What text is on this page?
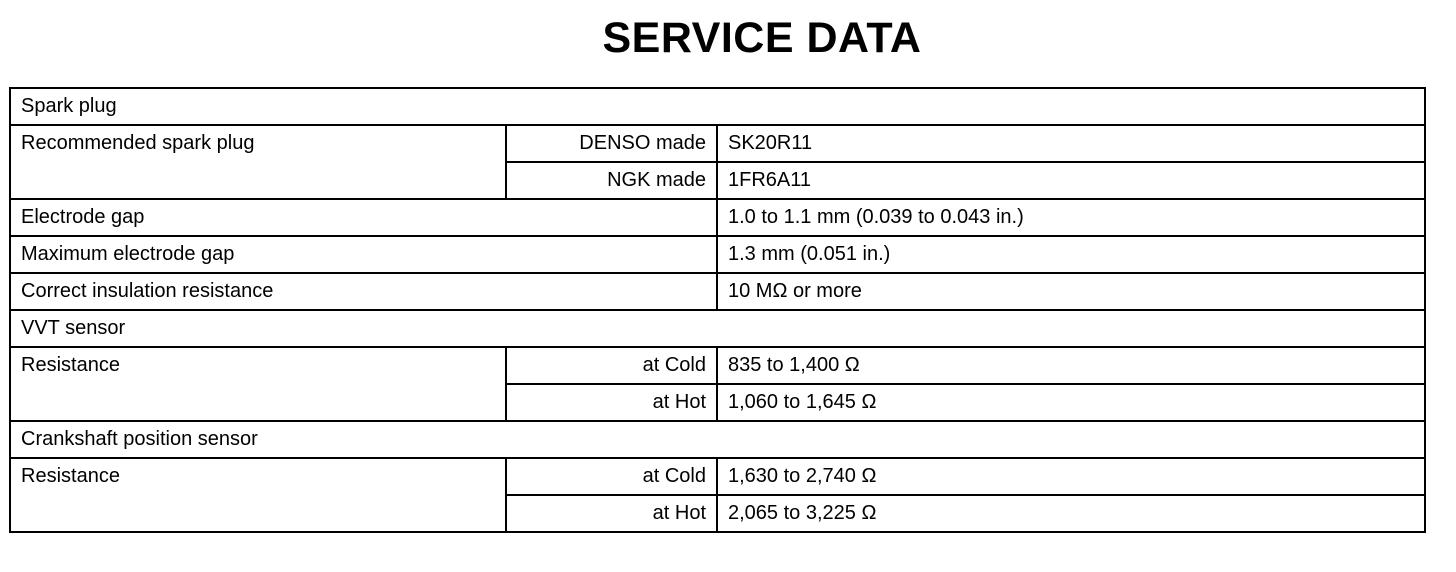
SERVICE DATA
Spark plug		
Recommended spark plug	DENSO made	SK20R11
	NGK made	1FR6A11
Electrode gap		1.0 to 1.1 mm (0.039 to 0.043 in.)
Maximum electrode gap		1.3 mm (0.051 in.)
Correct insulation resistance		10 MΩ or more
VVT sensor		
Resistance	at Cold	835 to 1,400 Ω
	at Hot	1,060 to 1,645 Ω
Crankshaft position sensor		
Resistance	at Cold	1,630 to 2,740 Ω
	at Hot	2,065 to 3,225 Ω
